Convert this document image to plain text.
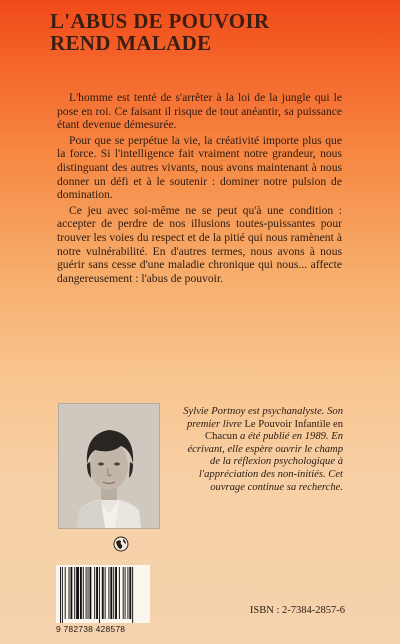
L'ABUS DE POUVOIR
REND MALADE

L'homme est tenté de s'arrêter à la loi de la jungle qui le pose en roi. Ce faisant il risque de tout anéantir, sa puissance étant devenue démesurée.

Pour que se perpétue la vie, la créativité importe plus que la force. Si l'intelligence fait vraiment notre grandeur, nous distinguant des autres vivants, nous avons maintenant à nous donner un défi et à le soutenir : dominer notre pulsion de domination.

Ce jeu avec soi-même ne se peut qu'à une condition : accepter de perdre de nos illusions toutes-puissantes pour trouver les voies du respect et de la pitié qui nous ramènent à notre vulnérabilité. En d'autres termes, nous avons à nous guérir sans cesse d'une maladie chronique qui nous... affecte dangereusement : l'abus de pouvoir.

Sylvie Portnoy est psychanalyste. Son premier livre Le Pouvoir Infantile en Chacun a été publié en 1989. En écrivant, elle espère ouvrir le champ de la réflexion psychologique à l'appréciation des non-initiés. Cet ouvrage continue sa recherche.
9 782738 428578
ISBN : 2-7384-2857-6
